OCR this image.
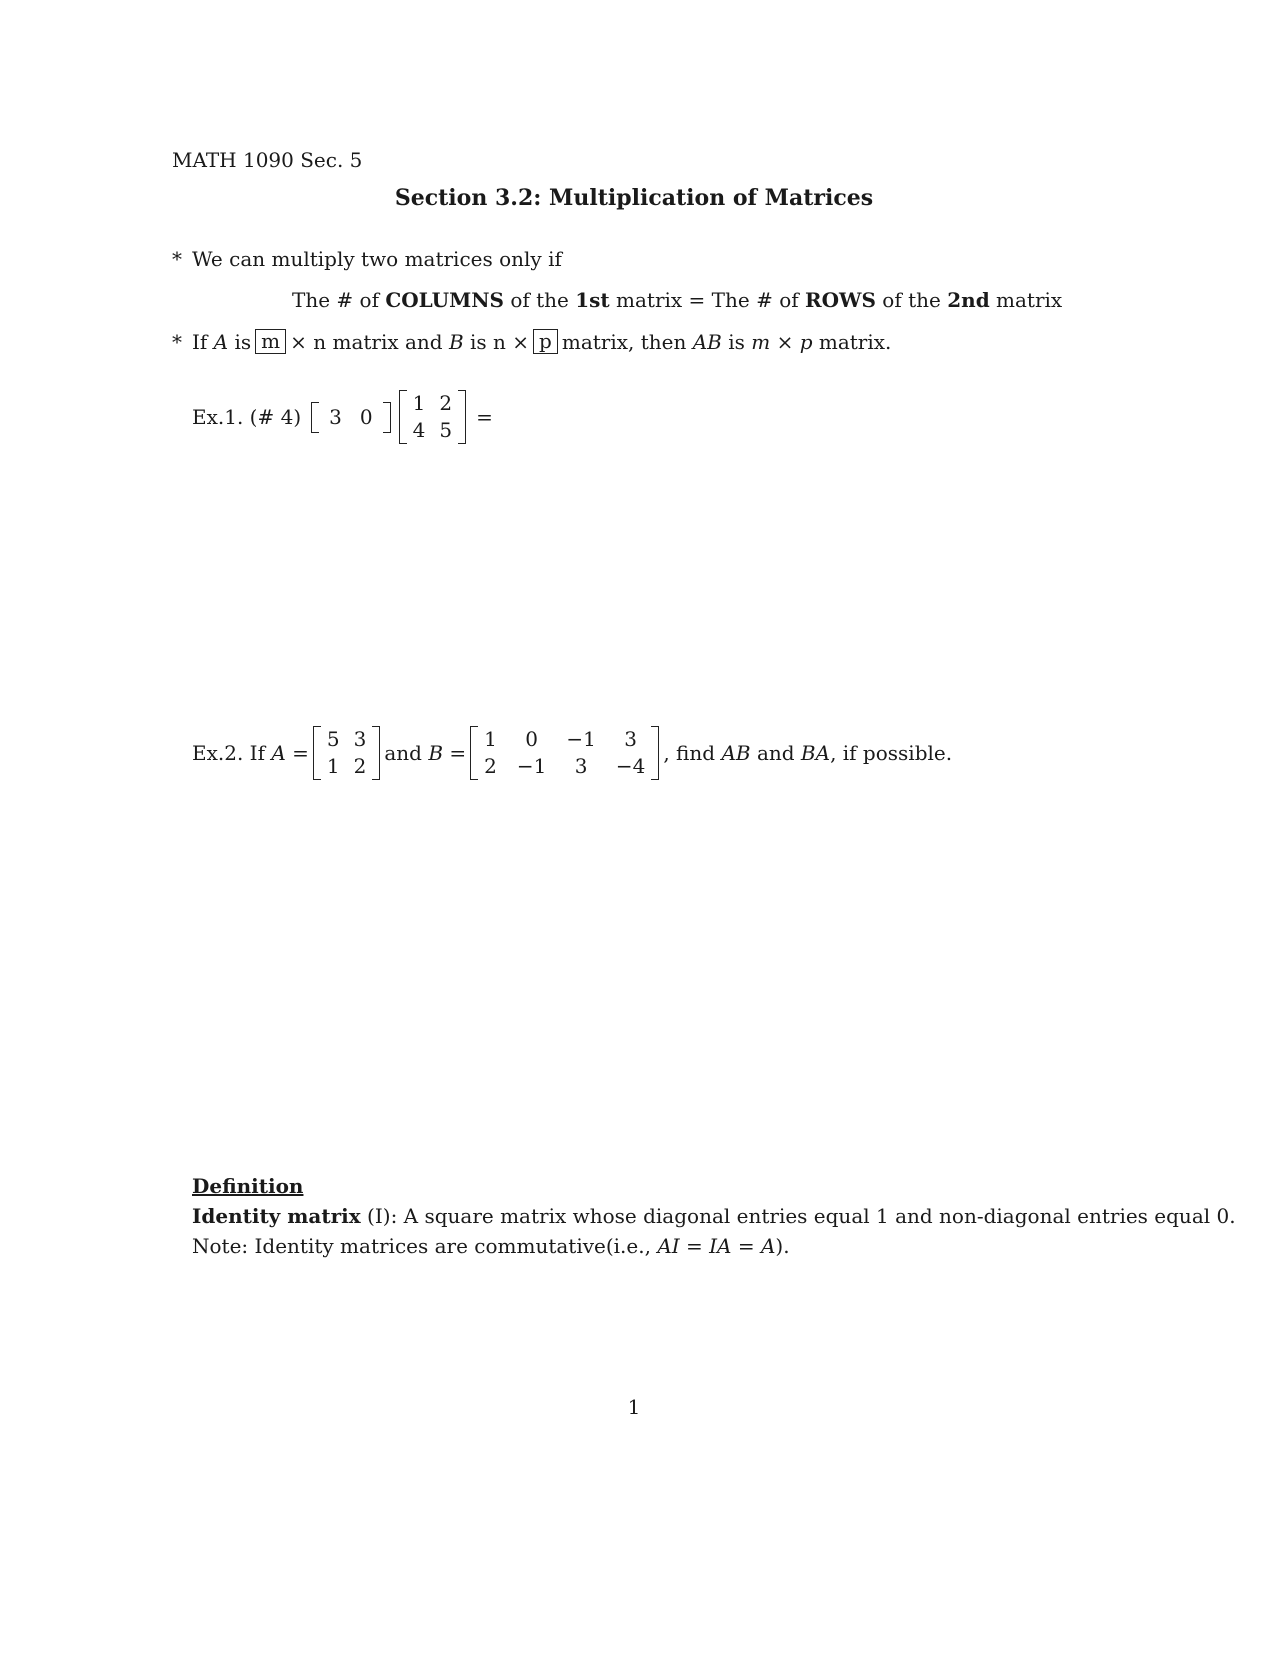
MATH 1090 Sec. 5
Section 3.2: Multiplication of Matrices
* We can multiply two matrices only if
The # of COLUMNS of the 1st matrix = The # of ROWS of the 2nd matrix
* If
A
is m × n matrix and
B
is n × p matrix, then
AB
is
m × p
matrix.
Ex.1. (# 4) 3 0
1 2
4 5
=
Ex.2. If
A =
5 3
1 2
and
B =
1	0	−1	3
2 −1	3	−4
, find
AB
and
BA , if possible.
Definition
Identity matrix (I): A square matrix whose diagonal entries equal 1 and non-diagonal entries equal 0.
Note: Identity matrices are commutative(i.e., AI = IA = A).
1
